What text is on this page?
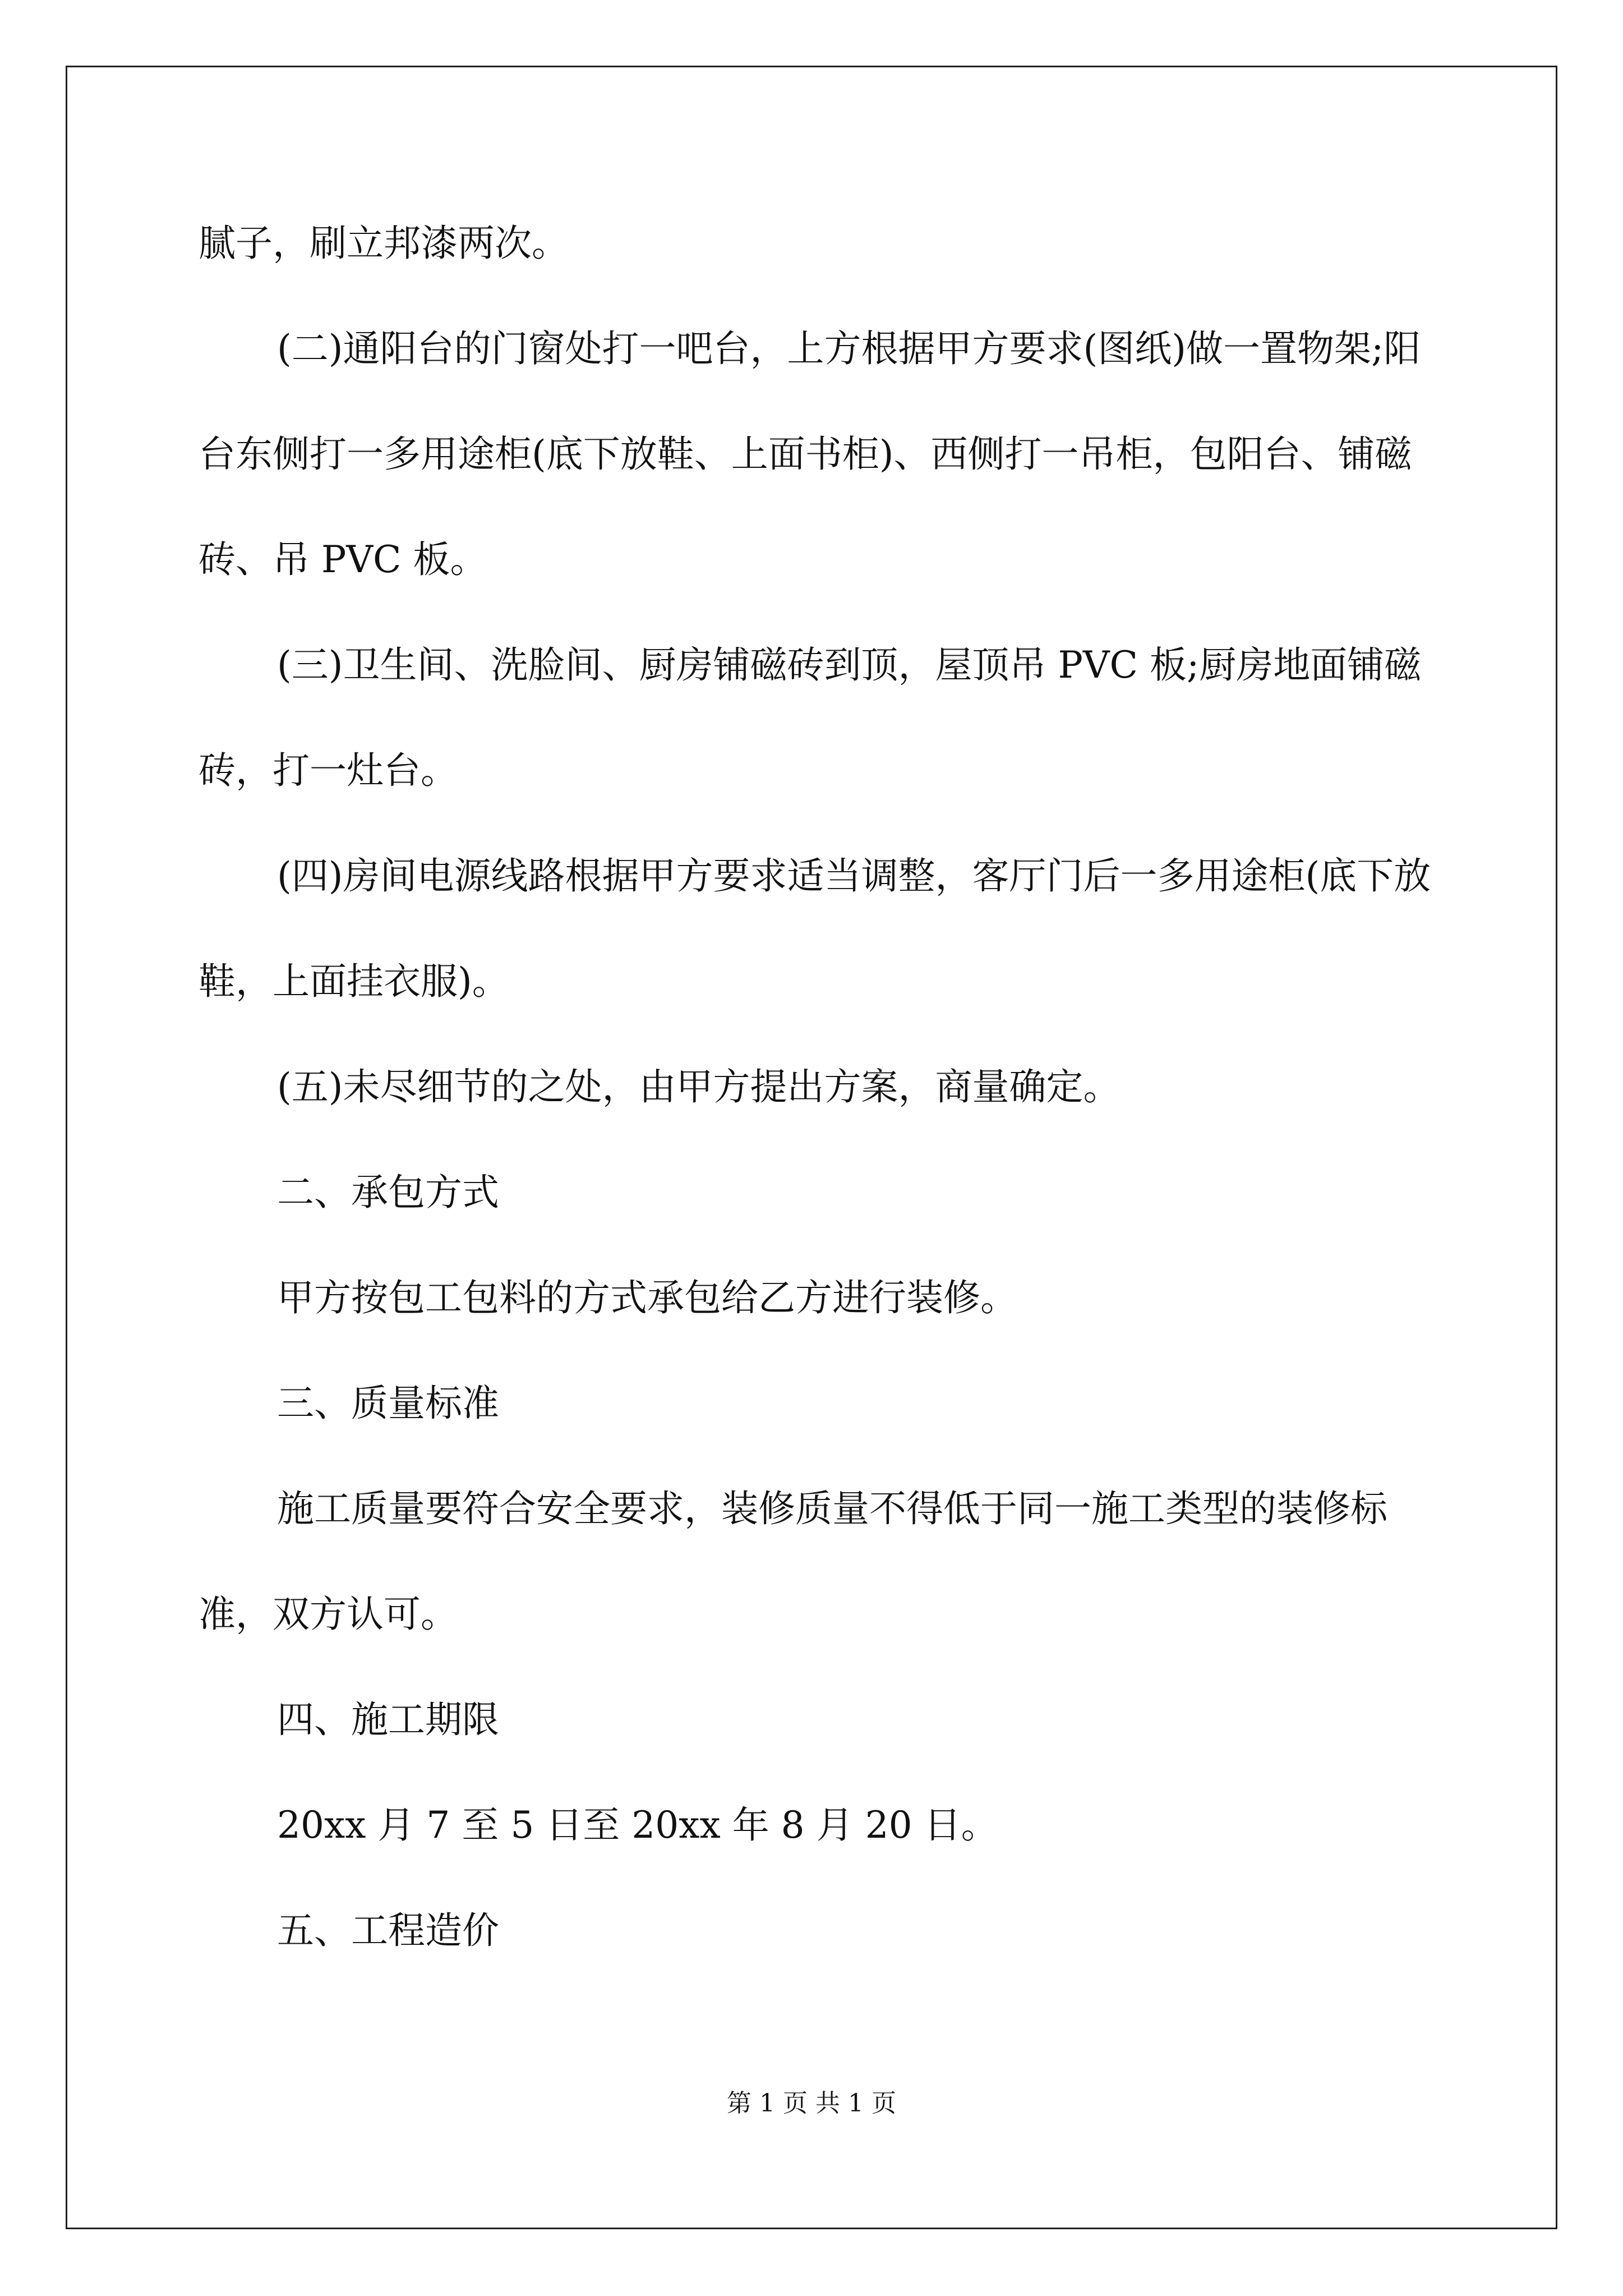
腻子，刷立邦漆两次。

(二)通阳台的门窗处打一吧台，上方根据甲方要求(图纸)做一置物架;阳台东侧打一多用途柜(底下放鞋、上面书柜)、西侧打一吊柜，包阳台、铺磁砖、吊 PVC 板。

(三)卫生间、洗脸间、厨房铺磁砖到顶，屋顶吊 PVC 板;厨房地面铺磁砖，打一灶台。

(四)房间电源线路根据甲方要求适当调整，客厅门后一多用途柜(底下放鞋，上面挂衣服)。

(五)未尽细节的之处，由甲方提出方案，商量确定。

二、承包方式

甲方按包工包料的方式承包给乙方进行装修。

三、质量标准

施工质量要符合安全要求，装修质量不得低于同一施工类型的装修标准，双方认可。

四、施工期限

20xx 月 7 至 5 日至 20xx 年 8 月 20 日。

五、工程造价

第 1 页 共 1 页
